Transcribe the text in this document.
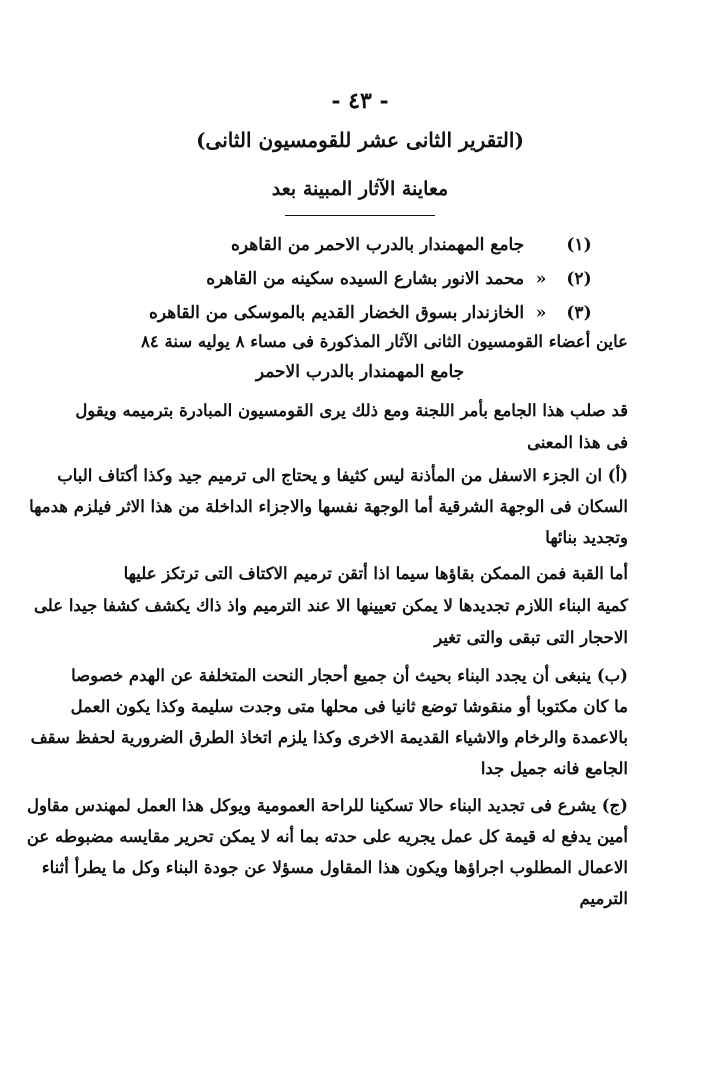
- ٤٣ -
(التقرير الثانى عشر للقومسيون الثانى)
معاينة الآثار المبينة بعد
(١)  جامع المهمندار بالدرب الاحمر من القاهره
(٢) « محمد الانور بشارع السيده سكينه من القاهره
(٣) « الخازندار بسوق الخضار القديم بالموسكى من القاهره
عاين أعضاء القومسيون الثانى الآثار المذكورة فى مساء ٨ يوليه سنة ٨٤
جامع المهمندار بالدرب الاحمر
قد صلب هذا الجامع بأمر اللجنة ومع ذلك يرى القومسيون المبادرة بترميمه ويقول
فى هذا المعنى
(أ) ان الجزء الاسفل من المأذنة ليس كثيفا و يحتاج الى ترميم جيد وكذا أكتاف الباب
السكان فى الوجهة الشرقية أما الوجهة نفسها والاجزاء الداخلة من هذا الاثر فيلزم هدمها
وتجديد بنائها
أما القبة فمن الممكن بقاؤها سيما اذا أتقن ترميم الاكتاف التى ترتكز عليها
كمية البناء اللازم تجديدها لا يمكن تعيينها الا عند الترميم واذ ذاك يكشف كشفا جيدا على
الاحجار التى تبقى والتى تغير
(ب) ينبغى أن يجدد البناء بحيث أن جميع أحجار النحت المتخلفة عن الهدم خصوصا
ما كان مكتوبا أو منقوشا توضع ثانيا فى محلها متى وجدت سليمة وكذا يكون العمل
بالاعمدة والرخام والاشياء القديمة الاخرى وكذا يلزم اتخاذ الطرق الضرورية لحفظ سقف
الجامع فانه جميل جدا
(ج) يشرع فى تجديد البناء حالا تسكينا للراحة العمومية ويوكل هذا العمل لمهندس مقاول
أمين يدفع له قيمة كل عمل يجريه على حدته بما أنه لا يمكن تحرير مقايسه مضبوطه عن
الاعمال المطلوب اجراؤها ويكون هذا المقاول مسؤلا عن جودة البناء وكل ما يطرأ أثناء
الترميم
